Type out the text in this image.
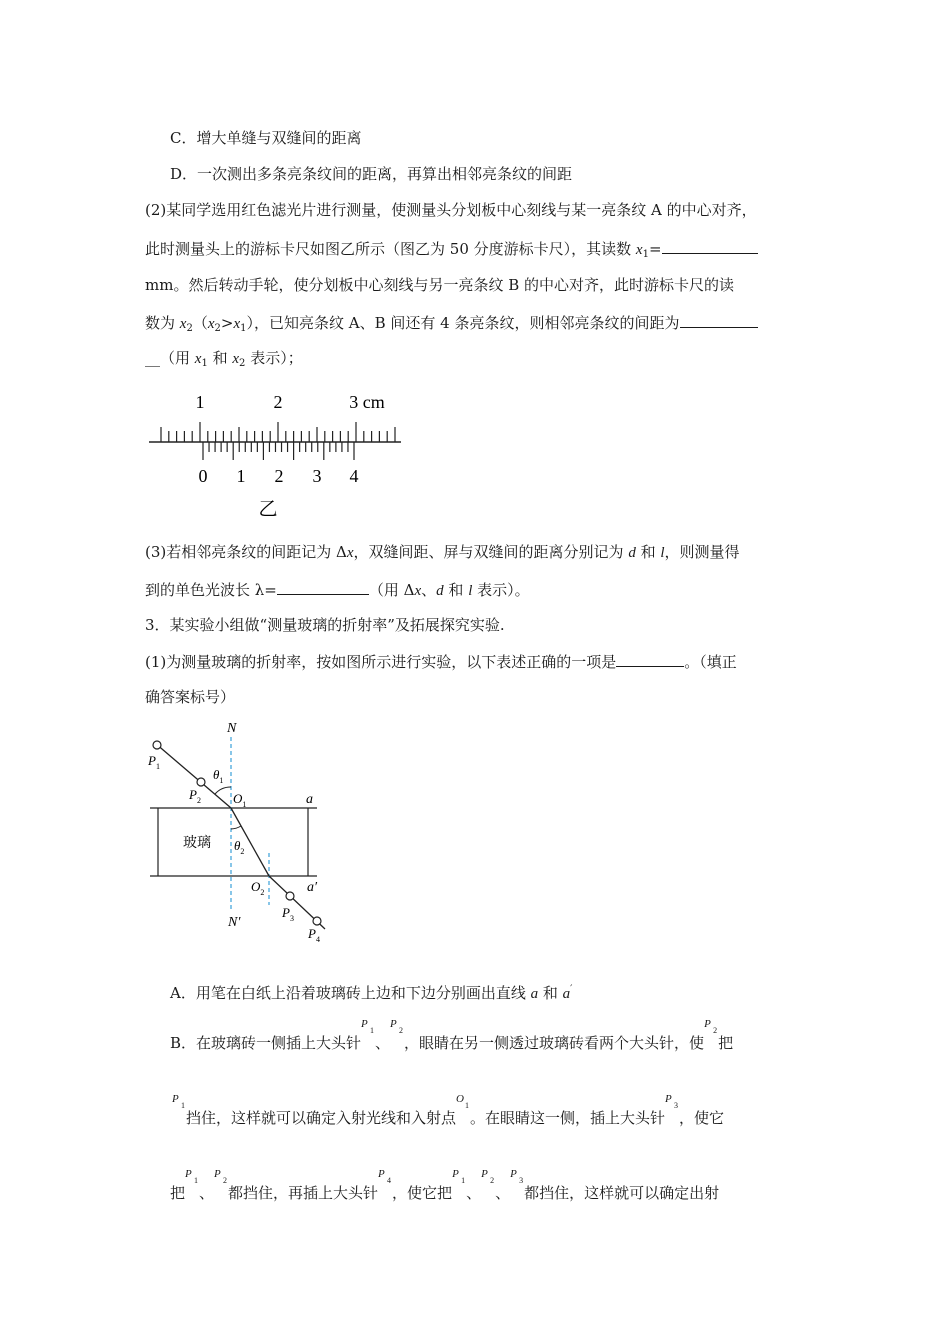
C．增大单缝与双缝间的距离
D．一次测出多条亮条纹间的距离，再算出相邻亮条纹的间距
(2)某同学选用红色滤光片进行测量，使测量头分划板中心刻线与某一亮条纹 A 的中心对齐，
此时测量头上的游标卡尺如图乙所示（图乙为 50 分度游标卡尺），其读数 $x_1=$
mm。然后转动手轮，使分划板中心刻线与另一亮条纹 B 的中心对齐，此时游标卡尺的读
数为 $x_2(x_2>x_1)$，已知亮条纹 A、B 间还有 4 条亮条纹，则相邻亮条纹的间距为
__（用 $x_1$ 和 $x_2$ 表示）；
1	2	3 cm
0 1 2 3 4
乙
(3)若相邻亮条纹的间距记为 Δx，双缝间距、屏与双缝间的距离分别记为 d 和 l，则测量得
到的单色光波长 λ=	（用 Δx、d 和 l 表示）。
3．某实验小组做“测量玻璃的折射率”及拓展探究实验.
(1)为测量玻璃的折射率，按如图所示进行实验，以下表述正确的一项是	。（填正
确答案标号）
N
N′
$P_1$
$P_2$
$P_3$
$P_4$
$\theta_1$
$\theta_2$
$O_1$
$O_2$
a
a′
玻璃
A．用笔在白纸上沿着玻璃砖上边和下边分别画出直线 a 和 a′
B．在玻璃砖一侧插上大头针
P
1
、
P
2
，眼睛在另一侧透过玻璃砖看两个大头针，使
P
2
把
P
1
挡住，这样就可以确定入射光线和入射点
O
1
。在眼睛这一侧，插上大头针
P
3
，使它
把
P
1
、
P
2
都挡住，再插上大头针
P
4
，使它把
P
1
、
P
2
、
P
3
都挡住，这样就可以确定出射
